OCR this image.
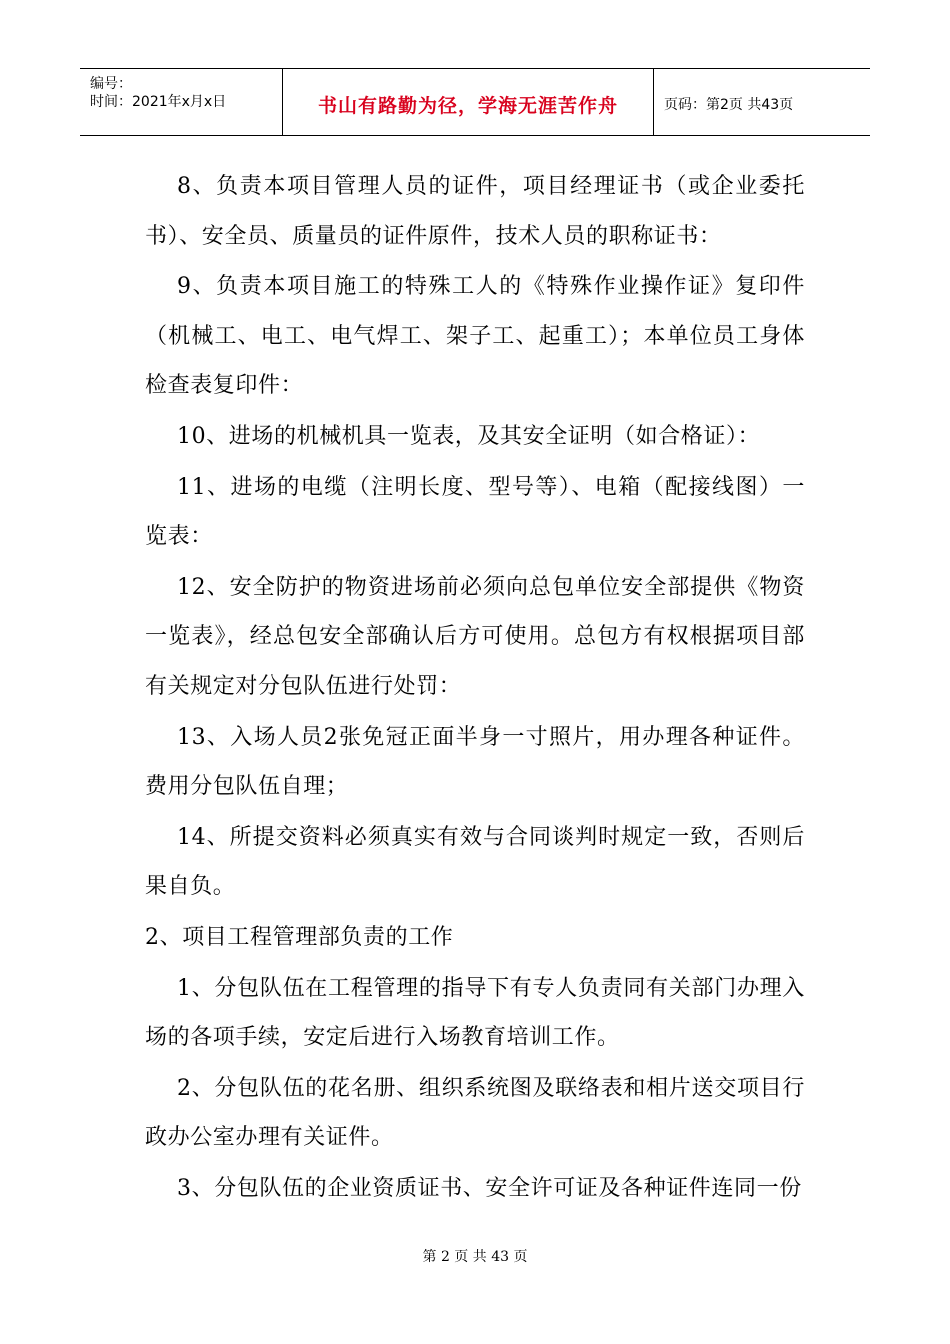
编号：
时间：2021年x月x日	书山有路勤为径，学海无涯苦作舟	页码：第2页 共43页

8、负责本项目管理人员的证件，项目经理证书（或企业委托书）、安全员、质量员的证件原件，技术人员的职称证书：

9、负责本项目施工的特殊工人的《特殊作业操作证》复印件（机械工、电工、电气焊工、架子工、起重工）；本单位员工身体检查表复印件：

10、进场的机械机具一览表，及其安全证明（如合格证）：

11、进场的电缆（注明长度、型号等）、电箱（配接线图）一览表：

12、安全防护的物资进场前必须向总包单位安全部提供《物资一览表》，经总包安全部确认后方可使用。总包方有权根据项目部有关规定对分包队伍进行处罚：

13、入场人员2张免冠正面半身一寸照片，用办理各种证件。费用分包队伍自理；

14、所提交资料必须真实有效与合同谈判时规定一致，否则后果自负。

2、项目工程管理部负责的工作

1、分包队伍在工程管理的指导下有专人负责同有关部门办理入场的各项手续，安定后进行入场教育培训工作。

2、分包队伍的花名册、组织系统图及联络表和相片送交项目行政办公室办理有关证件。

3、分包队伍的企业资质证书、安全许可证及各种证件连同一份

第 2 页 共 43 页
